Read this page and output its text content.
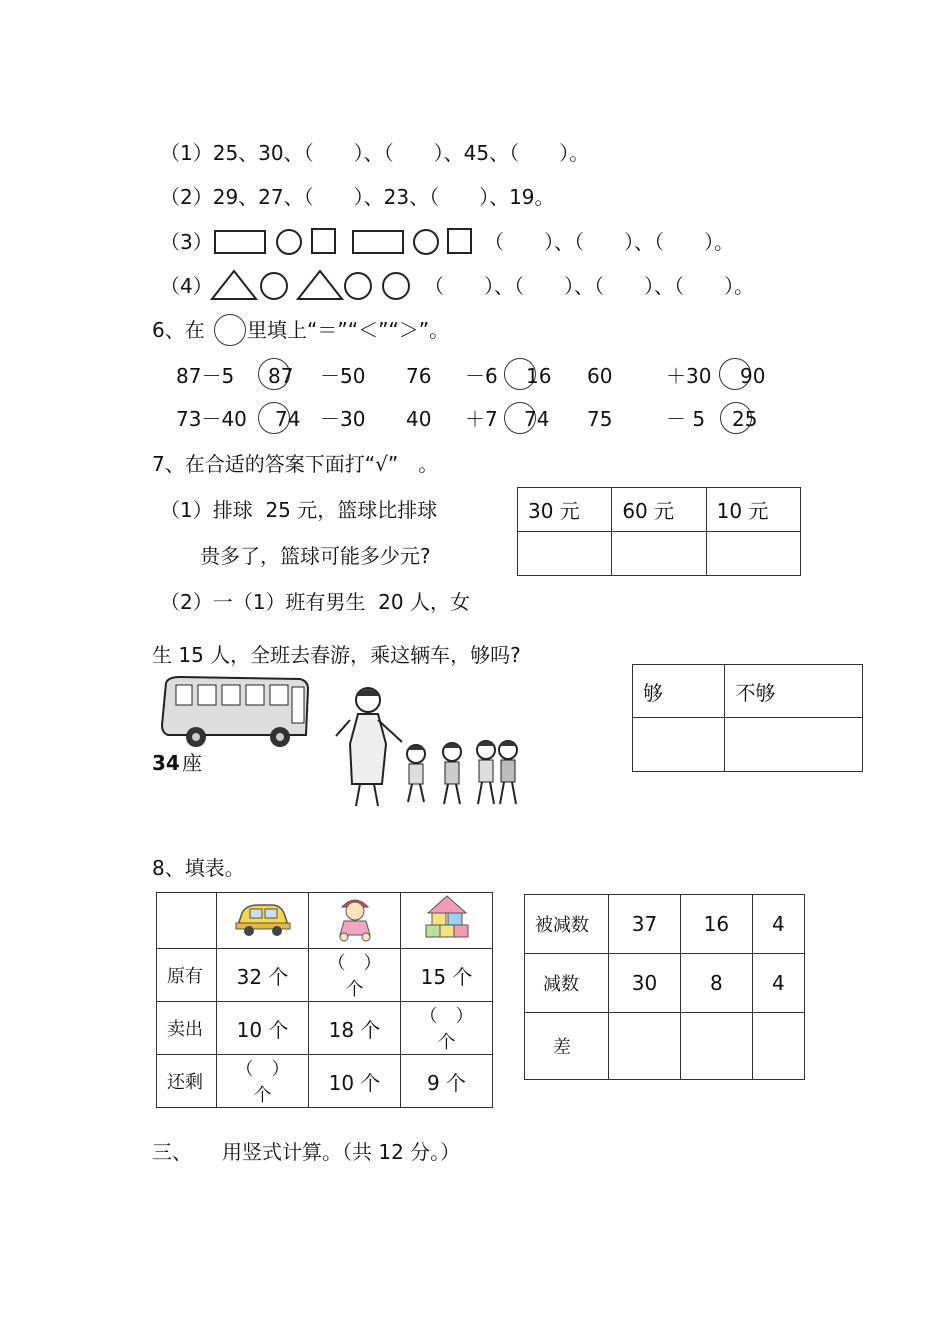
（1）25、30、（　　）、（　　）、45、（　　）。
（2）29、27、（　　）、23、（　　）、19。
（3）	（　　）、（　　）、（　　）。
（4）	（　　）、（　　）、（　　）、（　　）。
6、在 里填上“＝”“＜”“＞”。
87－5 87 －50 76 －6 16 60	＋30 90
73－40 74 －30 40 ＋7 74 75	－ 5 25
7、在合适的答案下面打“√”　。
（1）排球  25 元，篮球比排球
贵多了，篮球可能多少元?
30 元	60 元	10 元

（2）一（1）班有男生  20 人，女
生 15 人，全班去春游，乘这辆车，够吗?
够	不够

34 座
8、填表。

原有	32 个	（　）个	15 个
卖出	10 个	18 个	（　）个
还剩	（　）个	10 个	9 个
被减数	37	16	4
减数	30	8	4
差			
三、　　用竖式计算。（共 12 分。）
